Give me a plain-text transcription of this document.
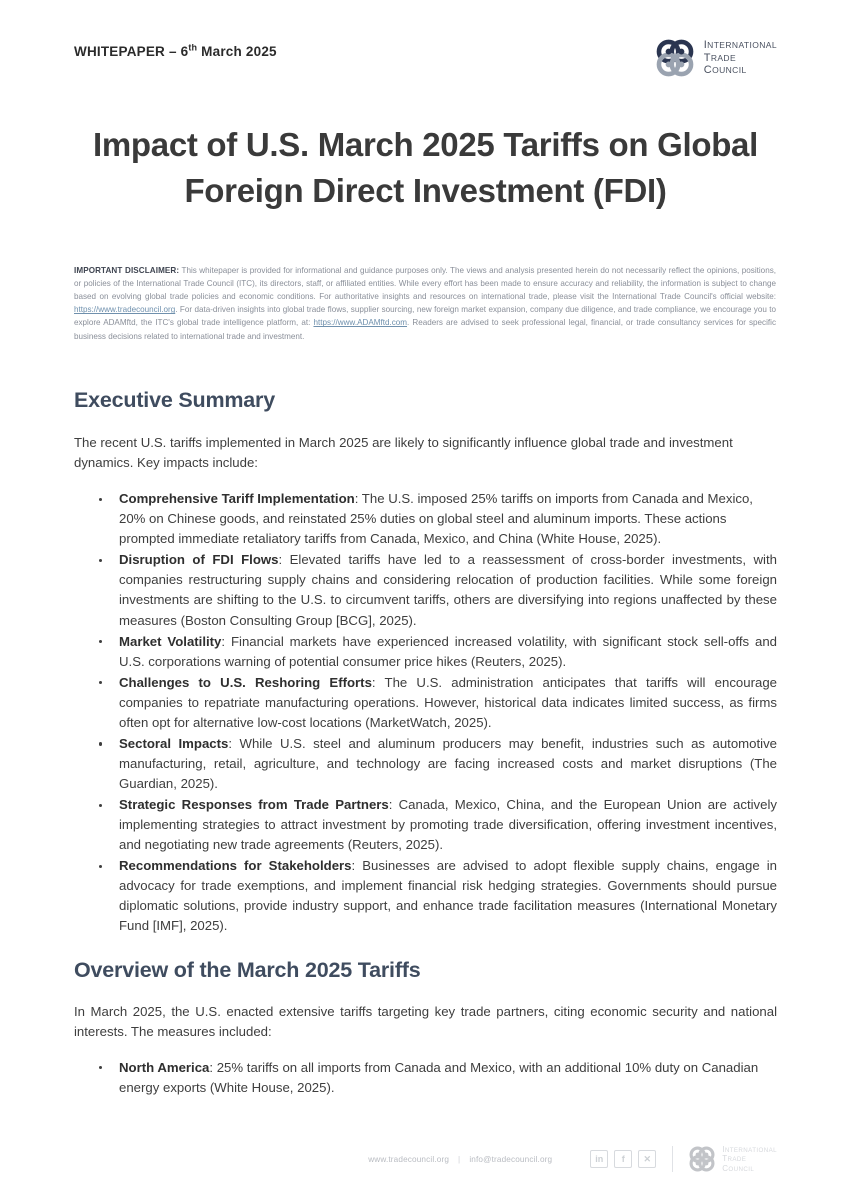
WHITEPAPER – 6th March 2025	INTERNATIONAL
TRADE
COUNCIL
Impact of U.S. March 2025 Tariffs on Global Foreign Direct Investment (FDI)
IMPORTANT DISCLAIMER: This whitepaper is provided for informational and guidance purposes only. The views and analysis presented herein do not necessarily reflect the opinions, positions, or policies of the International Trade Council (ITC), its directors, staff, or affiliated entities. While every effort has been made to ensure accuracy and reliability, the information is subject to change based on evolving global trade policies and economic conditions. For authoritative insights and resources on international trade, please visit the International Trade Council's official website: https://www.tradecouncil.org. For data-driven insights into global trade flows, supplier sourcing, new foreign market expansion, company due diligence, and trade compliance, we encourage you to explore ADAMftd, the ITC's global trade intelligence platform, at: https://www.ADAMftd.com. Readers are advised to seek professional legal, financial, or trade consultancy services for specific business decisions related to international trade and investment.
Executive Summary

The recent U.S. tariffs implemented in March 2025 are likely to significantly influence global trade and investment dynamics. Key impacts include:

Comprehensive Tariff Implementation: The U.S. imposed 25% tariffs on imports from Canada and Mexico, 20% on Chinese goods, and reinstated 25% duties on global steel and aluminum imports. These actions prompted immediate retaliatory tariffs from Canada, Mexico, and China (White House, 2025).
Disruption of FDI Flows: Elevated tariffs have led to a reassessment of cross-border investments, with companies restructuring supply chains and considering relocation of production facilities. While some foreign investments are shifting to the U.S. to circumvent tariffs, others are diversifying into regions unaffected by these measures (Boston Consulting Group [BCG], 2025).
Market Volatility: Financial markets have experienced increased volatility, with significant stock sell-offs and U.S. corporations warning of potential consumer price hikes (Reuters, 2025).
Challenges to U.S. Reshoring Efforts: The U.S. administration anticipates that tariffs will encourage companies to repatriate manufacturing operations. However, historical data indicates limited success, as firms often opt for alternative low-cost locations (MarketWatch, 2025).
Sectoral Impacts: While U.S. steel and aluminum producers may benefit, industries such as automotive manufacturing, retail, agriculture, and technology are facing increased costs and market disruptions (The Guardian, 2025).
Strategic Responses from Trade Partners: Canada, Mexico, China, and the European Union are actively implementing strategies to attract investment by promoting trade diversification, offering investment incentives, and negotiating new trade agreements (Reuters, 2025).
Recommendations for Stakeholders: Businesses are advised to adopt flexible supply chains, engage in advocacy for trade exemptions, and implement financial risk hedging strategies. Governments should pursue diplomatic solutions, provide industry support, and enhance trade facilitation measures (International Monetary Fund [IMF], 2025).
Overview of the March 2025 Tariffs

In March 2025, the U.S. enacted extensive tariffs targeting key trade partners, citing economic security and national interests. The measures included:

North America: 25% tariffs on all imports from Canada and Mexico, with an additional 10% duty on Canadian energy exports (White House, 2025).
www.tradecouncil.org | info@tradecouncil.org	in	f	✕
INTERNATIONAL
TRADE
COUNCIL
